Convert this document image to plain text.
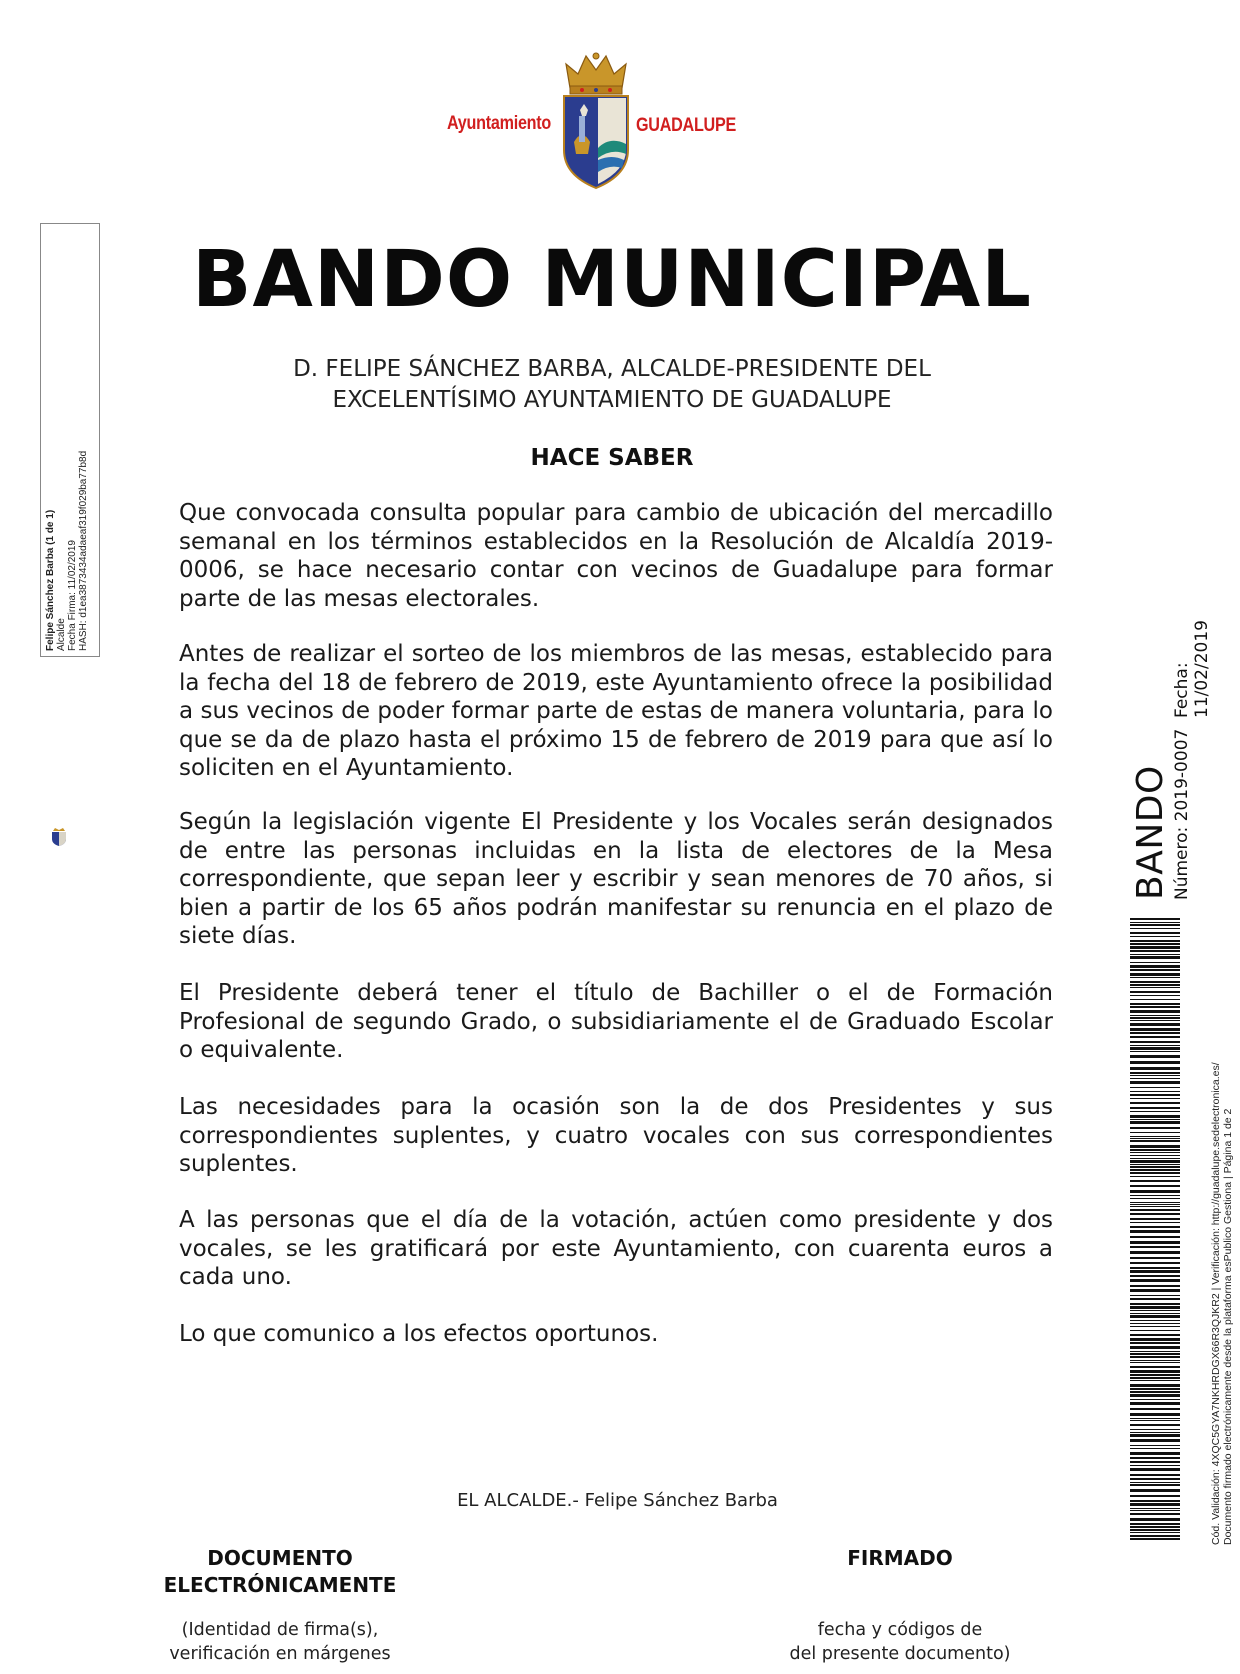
Ayuntamiento	GUADALUPE
BANDO MUNICIPAL
D. FELIPE SÁNCHEZ BARBA, ALCALDE-PRESIDENTE DEL
EXCELENTÍSIMO AYUNTAMIENTO DE GUADALUPE
HACE SABER
Que convocada consulta popular para cambio de ubicación del mercadillo semanal en los términos establecidos en la Resolución de Alcaldía 2019-0006, se hace necesario contar con vecinos de Guadalupe para formar parte de las mesas electorales.
Antes de realizar el sorteo de los miembros de las mesas, establecido para la fecha del 18 de febrero de 2019, este Ayuntamiento ofrece la posibilidad a sus vecinos de poder formar parte de estas de manera voluntaria, para lo que se da de plazo hasta el próximo 15 de febrero de 2019 para que así lo soliciten en el Ayuntamiento.
Según la legislación vigente El Presidente y los Vocales serán designados de entre las personas incluidas en la lista de electores de la Mesa correspondiente, que sepan leer y escribir y sean menores de 70 años, si bien a partir de los 65 años podrán manifestar su renuncia en el plazo de siete días.
El Presidente deberá tener el título de Bachiller o el de Formación Profesional de segundo Grado, o subsidiariamente el de Graduado Escolar o equivalente.
Las necesidades para la ocasión son la de dos Presidentes y sus correspondientes suplentes, y cuatro vocales con sus correspondientes suplentes.
A las personas que el día de la votación, actúen como presidente y dos vocales, se les gratificará por este Ayuntamiento, con cuarenta euros a cada uno.
Lo que comunico a los efectos oportunos.
EL ALCALDE.- Felipe Sánchez Barba
DOCUMENTO
ELECTRÓNICAMENTE
FIRMADO
(Identidad de firma(s),
verificación en márgenes
fecha y códigos de
del presente documento)
Felipe Sánchez Barba (1 de 1) Alcalde Fecha Firma: 11/02/2019 HASH: d1ea3873434adaeaf319f029ba77b8d
BANDO Número: 2019-0007
Fecha: 11/02/2019
Cód. Validación: 4XQC5GYA7NKHRDGX66R3QJKR2 | Verificación: http://guadalupe.sedelectronica.es/ Documento firmado electrónicamente desde la plataforma esPublico Gestiona | Página 1 de 2
